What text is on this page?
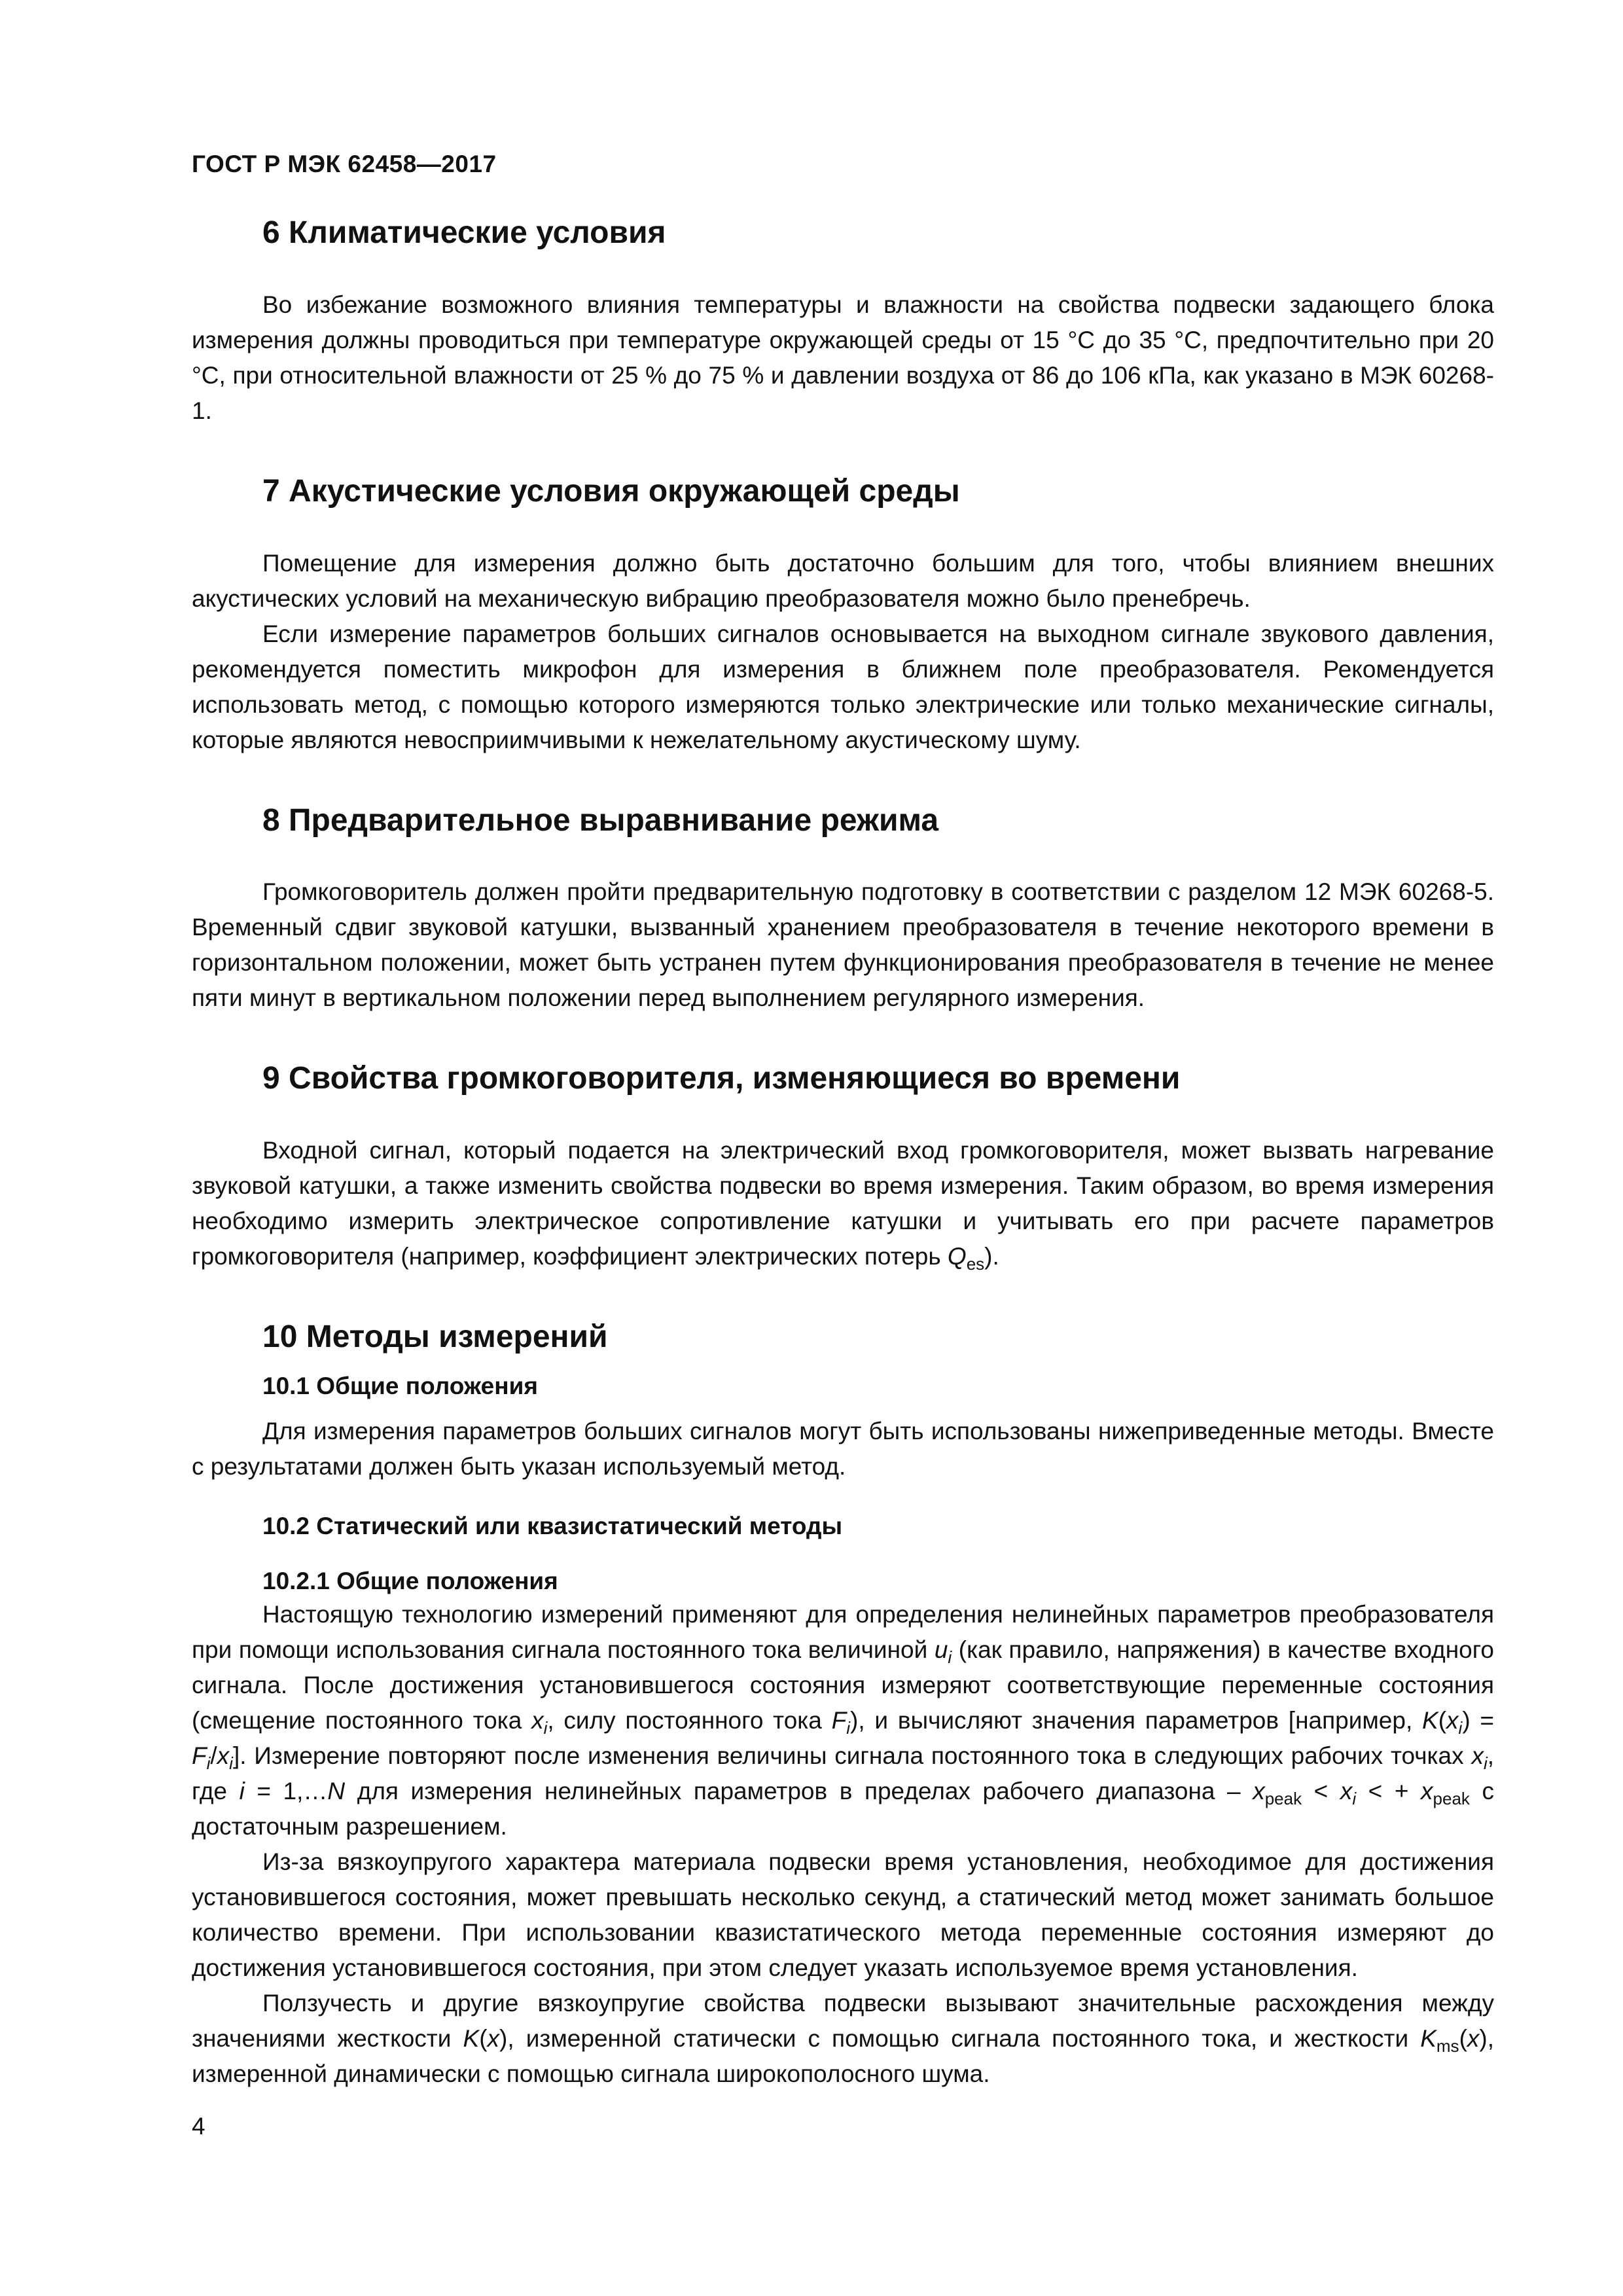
ГОСТ Р МЭК 62458—2017
6 Климатические условия

Во избежание возможного влияния температуры и влажности на свойства подвески задающего блока измерения должны проводиться при температуре окружающей среды от 15 °С до 35 °С, предпочтительно при 20 °С, при относительной влажности от 25 % до 75 % и давлении воздуха от 86 до 106 кПа, как указано в МЭК 60268-1.

7 Акустические условия окружающей среды

Помещение для измерения должно быть достаточно большим для того, чтобы влиянием внешних акустических условий на механическую вибрацию преобразователя можно было пренебречь.

Если измерение параметров больших сигналов основывается на выходном сигнале звукового давления, рекомендуется поместить микрофон для измерения в ближнем поле преобразователя. Рекомендуется использовать метод, с помощью которого измеряются только электрические или только механические сигналы, которые являются невосприимчивыми к нежелательному акустическому шуму.

8 Предварительное выравнивание режима

Громкоговоритель должен пройти предварительную подготовку в соответствии с разделом 12 МЭК 60268-5. Временный сдвиг звуковой катушки, вызванный хранением преобразователя в течение некоторого времени в горизонтальном положении, может быть устранен путем функционирования преобразователя в течение не менее пяти минут в вертикальном положении перед выполнением регулярного измерения.

9 Свойства громкоговорителя, изменяющиеся во времени

Входной сигнал, который подается на электрический вход громкоговорителя, может вызвать нагревание звуковой катушки, а также изменить свойства подвески во время измерения. Таким образом, во время измерения необходимо измерить электрическое сопротивление катушки и учитывать его при расчете параметров громкоговорителя (например, коэффициент электрических потерь $Q_{es}$).

10 Методы измерений
10.1 Общие положения

Для измерения параметров больших сигналов могут быть использованы нижеприведенные методы. Вместе с результатами должен быть указан используемый метод.

10.2 Статический или квазистатический методы
10.2.1 Общие положения

Настоящую технологию измерений применяют для определения нелинейных параметров преобразователя при помощи использования сигнала постоянного тока величиной $u_i$ (как правило, напряжения) в качестве входного сигнала. После достижения установившегося состояния измеряют соответствующие переменные состояния (смещение постоянного тока $x_i$, силу постоянного тока $F_i$), и вычисляют значения параметров [например, $K(x_i) = F_i/x_i$]. Измерение повторяют после изменения величины сигнала постоянного тока в следующих рабочих точках $x_i$, где i = 1,…N для измерения нелинейных параметров в пределах рабочего диапазона – $x_{peak} < x_i$ < + $x_{peak}$ с достаточным разрешением.

Из-за вязкоупругого характера материала подвески время установления, необходимое для достижения установившегося состояния, может превышать несколько секунд, а статический метод может занимать большое количество времени. При использовании квазистатического метода переменные состояния измеряют до достижения установившегося состояния, при этом следует указать используемое время установления.

Ползучесть и другие вязкоупругие свойства подвески вызывают значительные расхождения между значениями жесткости K(x), измеренной статически с помощью сигнала постоянного тока, и жесткости $K_{ms}(x)$, измеренной динамически с помощью сигнала широкополосного шума.

4
